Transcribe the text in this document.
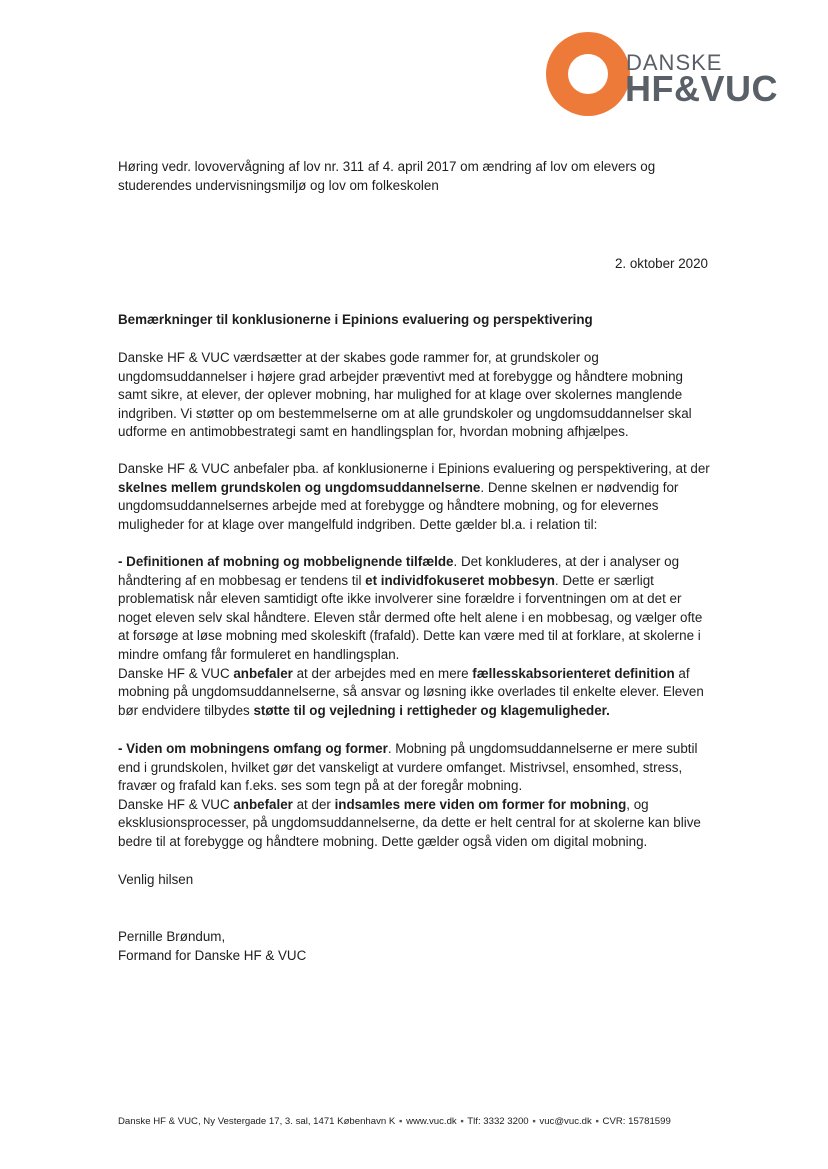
DANSKE
HF&VUC

Høring vedr. lovovervågning af lov nr. 311 af 4. april 2017 om ændring af lov om elevers og studerendes undervisningsmiljø og lov om folkeskolen

2. oktober 2020
Bemærkninger til konklusionerne i Epinions evaluering og perspektivering

Danske HF & VUC værdsætter at der skabes gode rammer for, at grundskoler og ungdomsuddannelser i højere grad arbejder præventivt med at forebygge og håndtere mobning samt sikre, at elever, der oplever mobning, har mulighed for at klage over skolernes manglende indgriben. Vi støtter op om bestemmelserne om at alle grundskoler og ungdomsuddannelser skal udforme en antimobbestrategi samt en handlingsplan for, hvordan mobning afhjælpes.

Danske HF & VUC anbefaler pba. af konklusionerne i Epinions evaluering og perspektivering, at der skelnes mellem grundskolen og ungdomsuddannelserne. Denne skelnen er nødvendig for ungdomsuddannelsernes arbejde med at forebygge og håndtere mobning, og for elevernes muligheder for at klage over mangelfuld indgriben. Dette gælder bl.a. i relation til:

- Definitionen af mobning og mobbelignende tilfælde. Det konkluderes, at der i analyser og håndtering af en mobbesag er tendens til et individfokuseret mobbesyn. Dette er særligt problematisk når eleven samtidigt ofte ikke involverer sine forældre i forventningen om at det er noget eleven selv skal håndtere. Eleven står dermed ofte helt alene i en mobbesag, og vælger ofte at forsøge at løse mobning med skoleskift (frafald). Dette kan være med til at forklare, at skolerne i mindre omfang får formuleret en handlingsplan.
Danske HF & VUC anbefaler at der arbejdes med en mere fællesskabsorienteret definition af mobning på ungdomsuddannelserne, så ansvar og løsning ikke overlades til enkelte elever. Eleven bør endvidere tilbydes støtte til og vejledning i rettigheder og klagemuligheder.

- Viden om mobningens omfang og former. Mobning på ungdomsuddannelserne er mere subtil end i grundskolen, hvilket gør det vanskeligt at vurdere omfanget. Mistrivsel, ensomhed, stress, fravær og frafald kan f.eks. ses som tegn på at der foregår mobning.
Danske HF & VUC anbefaler at der indsamles mere viden om former for mobning, og eksklusionsprocesser, på ungdomsuddannelserne, da dette er helt central for at skolerne kan blive bedre til at forebygge og håndtere mobning. Dette gælder også viden om digital mobning.

Venlig hilsen
Pernille Brøndum,
Formand for Danske HF & VUC
Danske HF & VUC, Ny Vestergade 17, 3. sal, 1471 København K ▪ www.vuc.dk ▪ Tlf: 3332 3200 ▪ vuc@vuc.dk ▪ CVR: 15781599
